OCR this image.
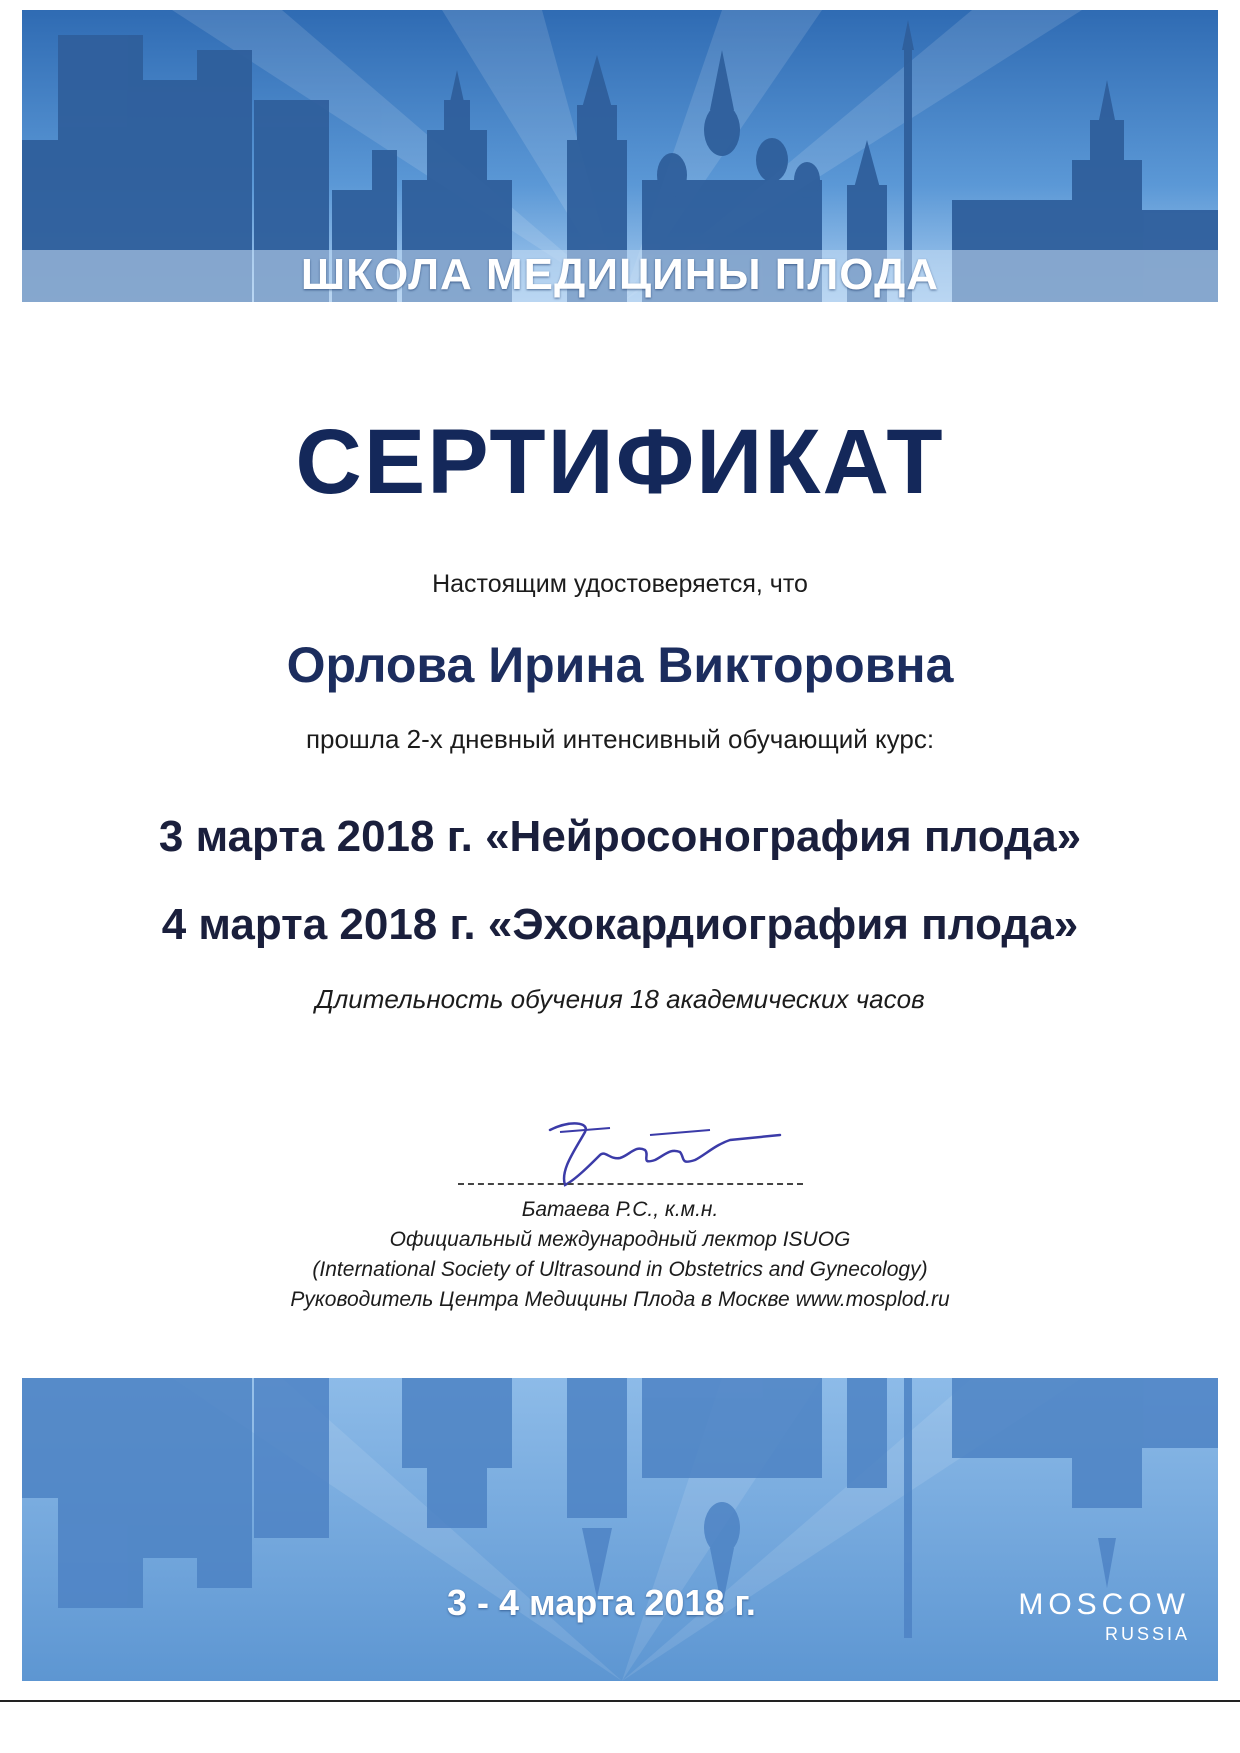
ШКОЛА МЕДИЦИНЫ ПЛОДА
СЕРТИФИКАТ
Настоящим удостоверяется, что
Орлова Ирина Викторовна
прошла 2-х дневный интенсивный обучающий курс:
3 марта 2018 г. «Нейросонография плода»
4 марта 2018 г. «Эхокардиография плода»
Длительность обучения 18 академических часов
Батаева Р.С., к.м.н.
Официальный международный лектор ISUOG
(International Society of Ultrasound in Obstetrics and Gynecology)
Руководитель Центра Медицины Плода в Москве www.mosplod.ru
3 - 4 марта 2018 г.	MOSCOW
RUSSIA
